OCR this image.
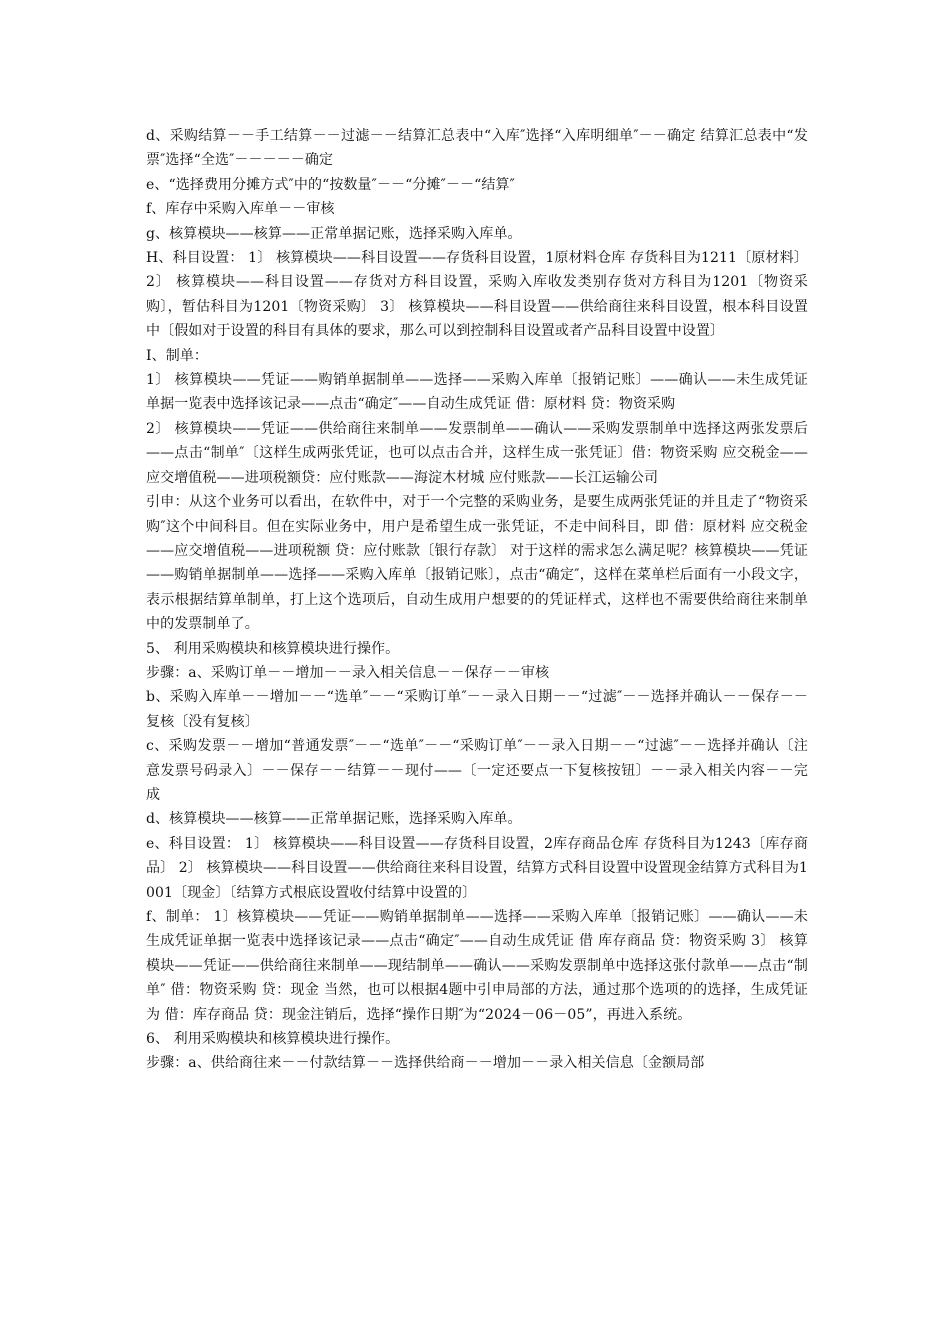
d、采购结算－－手工结算－－过滤－－结算汇总表中“入库″选择“入库明细单″－－确定 结算汇总表中“发票″选择“全选″－－－－－确定

e、“选择费用分摊方式″中的“按数量″－－“分摊″－－“结算″

f、库存中采购入库单－－审核

g、核算模块——核算——正常单据记账，选择采购入库单。

H、科目设置： 1〕 核算模块——科目设置——存货科目设置，1原材料仓库 存货科目为1211〔原材料〕 2〕 核算模块——科目设置——存货对方科目设置，采购入库收发类别存货对方科目为1201〔物资采购〕，暂估科目为1201〔物资采购〕 3〕 核算模块——科目设置——供给商往来科目设置，根本科目设置中〔假如对于设置的科目有具体的要求，那么可以到控制科目设置或者产品科目设置中设置〕

I、制单：

1〕 核算模块——凭证——购销单据制单——选择——采购入库单〔报销记账〕——确认——未生成凭证单据一览表中选择该记录——点击“确定″——自动生成凭证 借：原材料 贷：物资采购

2〕 核算模块——凭证——供给商往来制单——发票制单——确认——采购发票制单中选择这两张发票后——点击“制单″〔这样生成两张凭证，也可以点击合并，这样生成一张凭证〕借：物资采购 应交税金——应交增值税——进项税额贷：应付账款——海淀木材城 应付账款——长江运输公司

引申：从这个业务可以看出，在软件中，对于一个完整的采购业务，是要生成两张凭证的并且走了“物资采购″这个中间科目。但在实际业务中，用户是希望生成一张凭证，不走中间科目，即 借：原材料 应交税金——应交增值税——进项税额 贷：应付账款〔银行存款〕 对于这样的需求怎么满足呢？核算模块——凭证——购销单据制单——选择——采购入库单〔报销记账〕，点击“确定″，这样在菜单栏后面有一小段文字，表示根据结算单制单，打上这个选项后，自动生成用户想要的的凭证样式，这样也不需要供给商往来制单中的发票制单了。

5、 利用采购模块和核算模块进行操作。

步骤：a、采购订单－－增加－－录入相关信息－－保存－－审核

b、采购入库单－－增加－－“选单″－－“采购订单″－－录入日期－－“过滤″－－选择并确认－－保存－－复核〔没有复核〕

c、采购发票－－增加“普通发票″－－“选单″－－“采购订单″－－录入日期－－“过滤″－－选择并确认〔注意发票号码录入〕－－保存－－结算－－现付——〔一定还要点一下复核按钮〕－－录入相关内容－－完成

d、核算模块——核算——正常单据记账，选择采购入库单。

e、科目设置： 1〕 核算模块——科目设置——存货科目设置，2库存商品仓库 存货科目为1243〔库存商品〕 2〕 核算模块——科目设置——供给商往来科目设置，结算方式科目设置中设置现金结算方式科目为1001〔现金〕〔结算方式根底设置收付结算中设置的〕

f、制单： 1〕核算模块——凭证——购销单据制单——选择——采购入库单〔报销记账〕——确认——未生成凭证单据一览表中选择该记录——点击“确定″——自动生成凭证 借 库存商品 贷：物资采购 3〕 核算模块——凭证——供给商往来制单——现结制单——确认——采购发票制单中选择这张付款单——点击“制单″ 借：物资采购 贷：现金 当然，也可以根据4题中引申局部的方法，通过那个选项的的选择，生成凭证为 借：库存商品 贷：现金注销后，选择“操作日期″为“2024－06－05”，再进入系统。

6、 利用采购模块和核算模块进行操作。

步骤：a、供给商往来－－付款结算－－选择供给商－－增加－－录入相关信息〔金额局部
